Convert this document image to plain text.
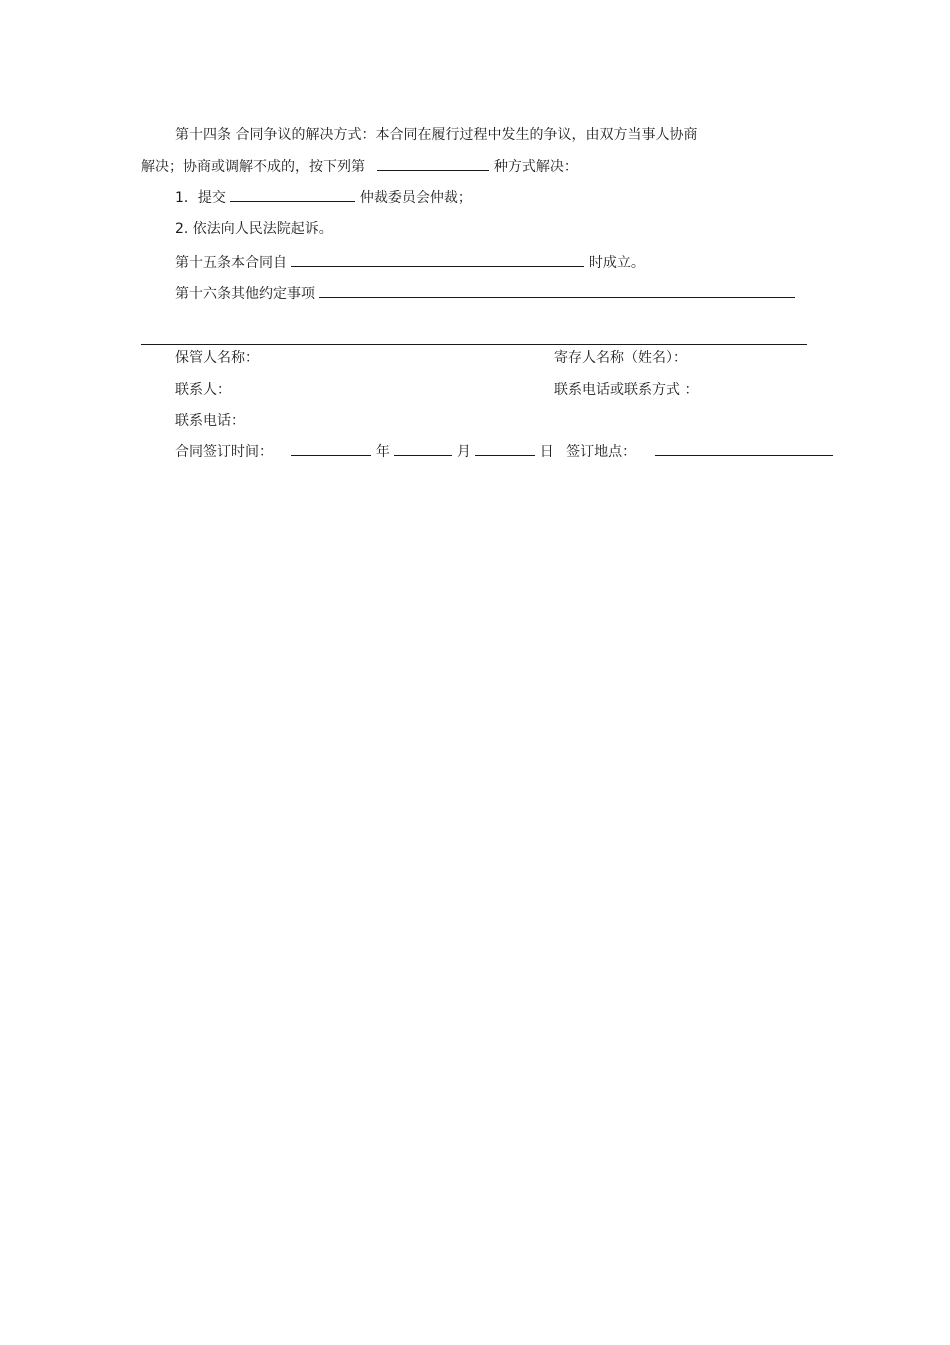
第十四条 合同争议的解决方式：本合同在履行过程中发生的争议，由双方当事人协商
解决；协商或调解不成的，按下列第	种方式解决：
1．提交	仲裁委员会仲裁；
2. 依法向人民法院起诉。
第十五条本合同自	时成立。
第十六条其他约定事项
保管人名称：	寄存人名称（姓名）：
联系人：	联系电话或联系方式 ：
联系电话：
合同签订时间：	年	月	日 签订地点：
